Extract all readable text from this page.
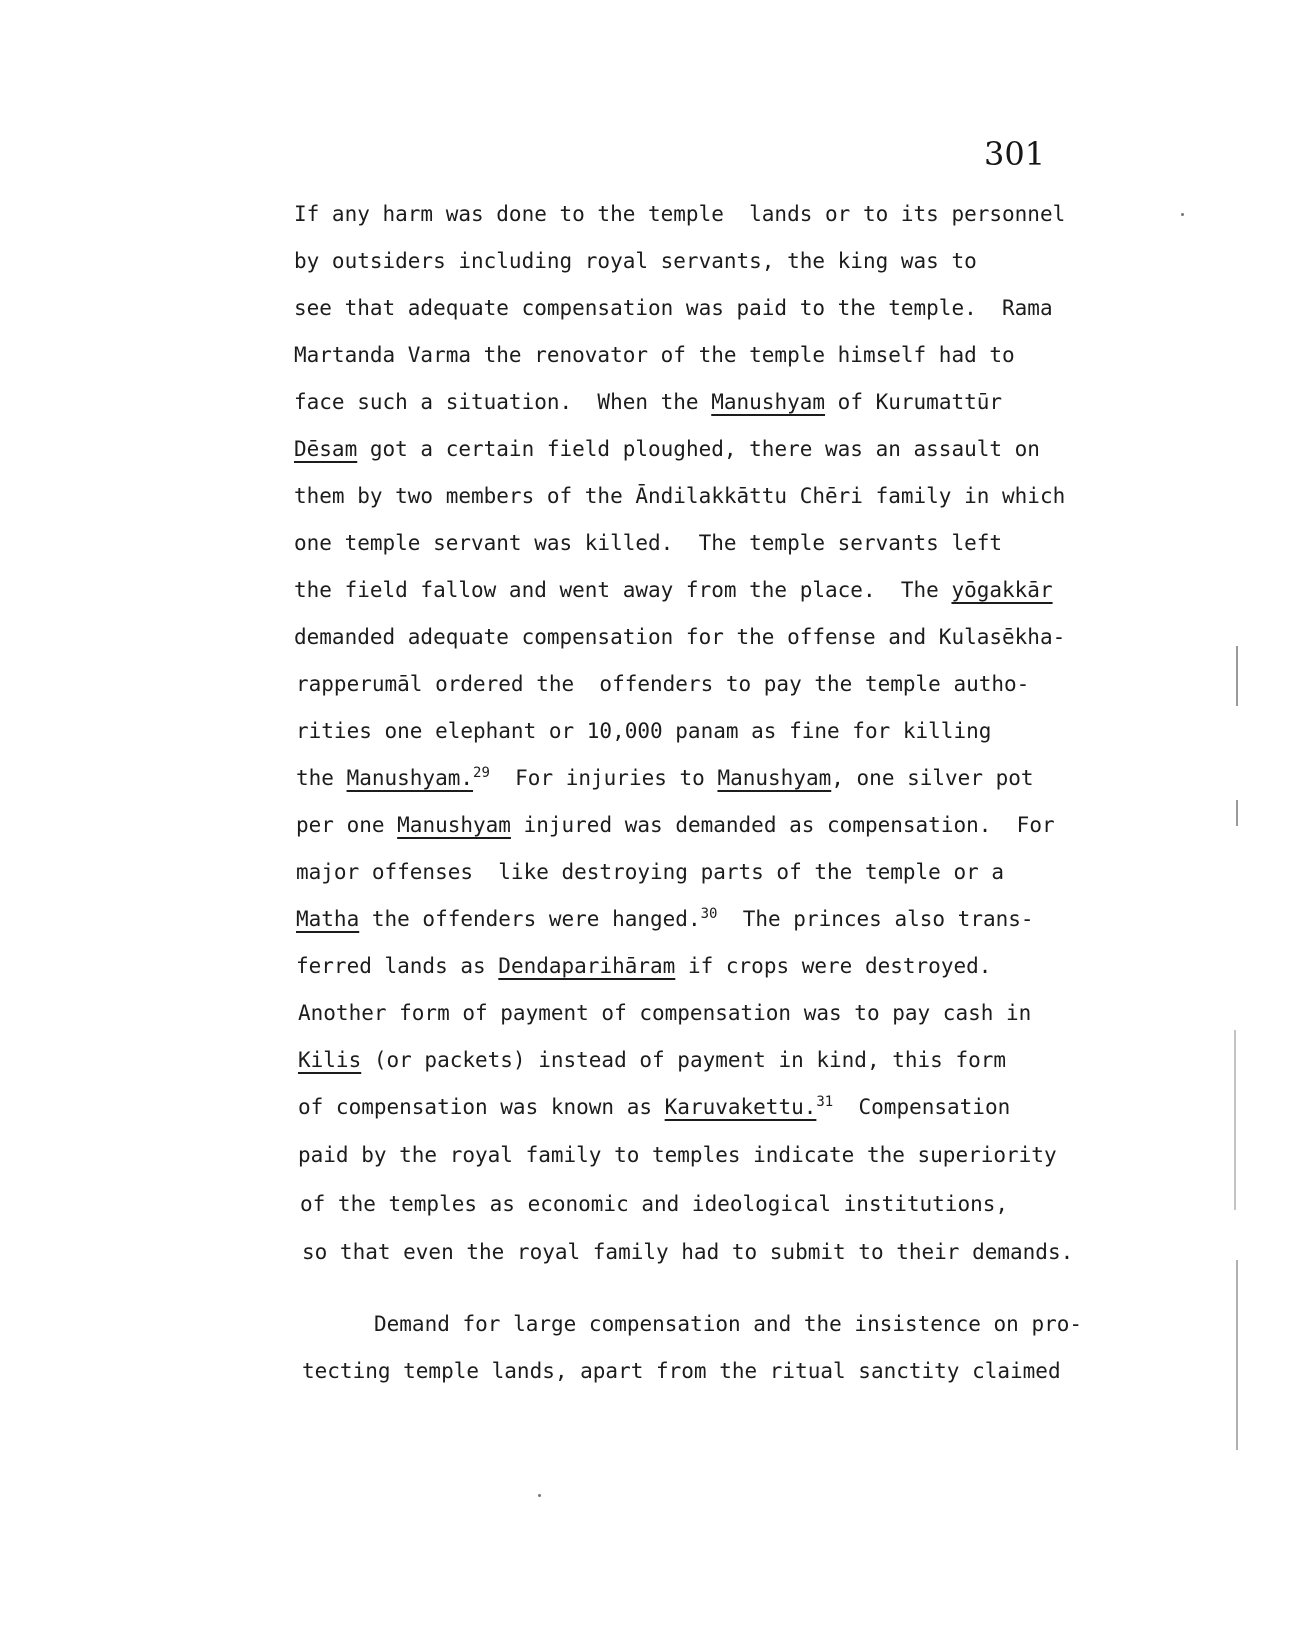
301
If any harm was done to the temple  lands or to its personnel
by outsiders including royal servants, the king was to
see that adequate compensation was paid to the temple.  Rama
Martanda Varma the renovator of the temple himself had to
face such a situation.  When the Manushyam of Kurumattūr
Dēsam got a certain field ploughed, there was an assault on
them by two members of the Āndilakkāttu Chēri family in which
one temple servant was killed.  The temple servants left
the field fallow and went away from the place.  The yōgakkār
demanded adequate compensation for the offense and Kulasēkha-
rapperumāl ordered the  offenders to pay the temple autho-
rities one elephant or 10,000 panam as fine for killing
the Manushyam.$^{29}$  For injuries to Manushyam, one silver pot
per one Manushyam injured was demanded as compensation.  For
major offenses  like destroying parts of the temple or a
Matha the offenders were hanged.$^{30}$  The princes also trans-
ferred lands as Dendaparihāram if crops were destroyed.
Another form of payment of compensation was to pay cash in
Kilis (or packets) instead of payment in kind, this form
of compensation was known as Karuvakettu.$^{31}$  Compensation
paid by the royal family to temples indicate the superiority
of the temples as economic and ideological institutions,
so that even the royal family had to submit to their demands.
Demand for large compensation and the insistence on pro-
tecting temple lands, apart from the ritual sanctity claimed
